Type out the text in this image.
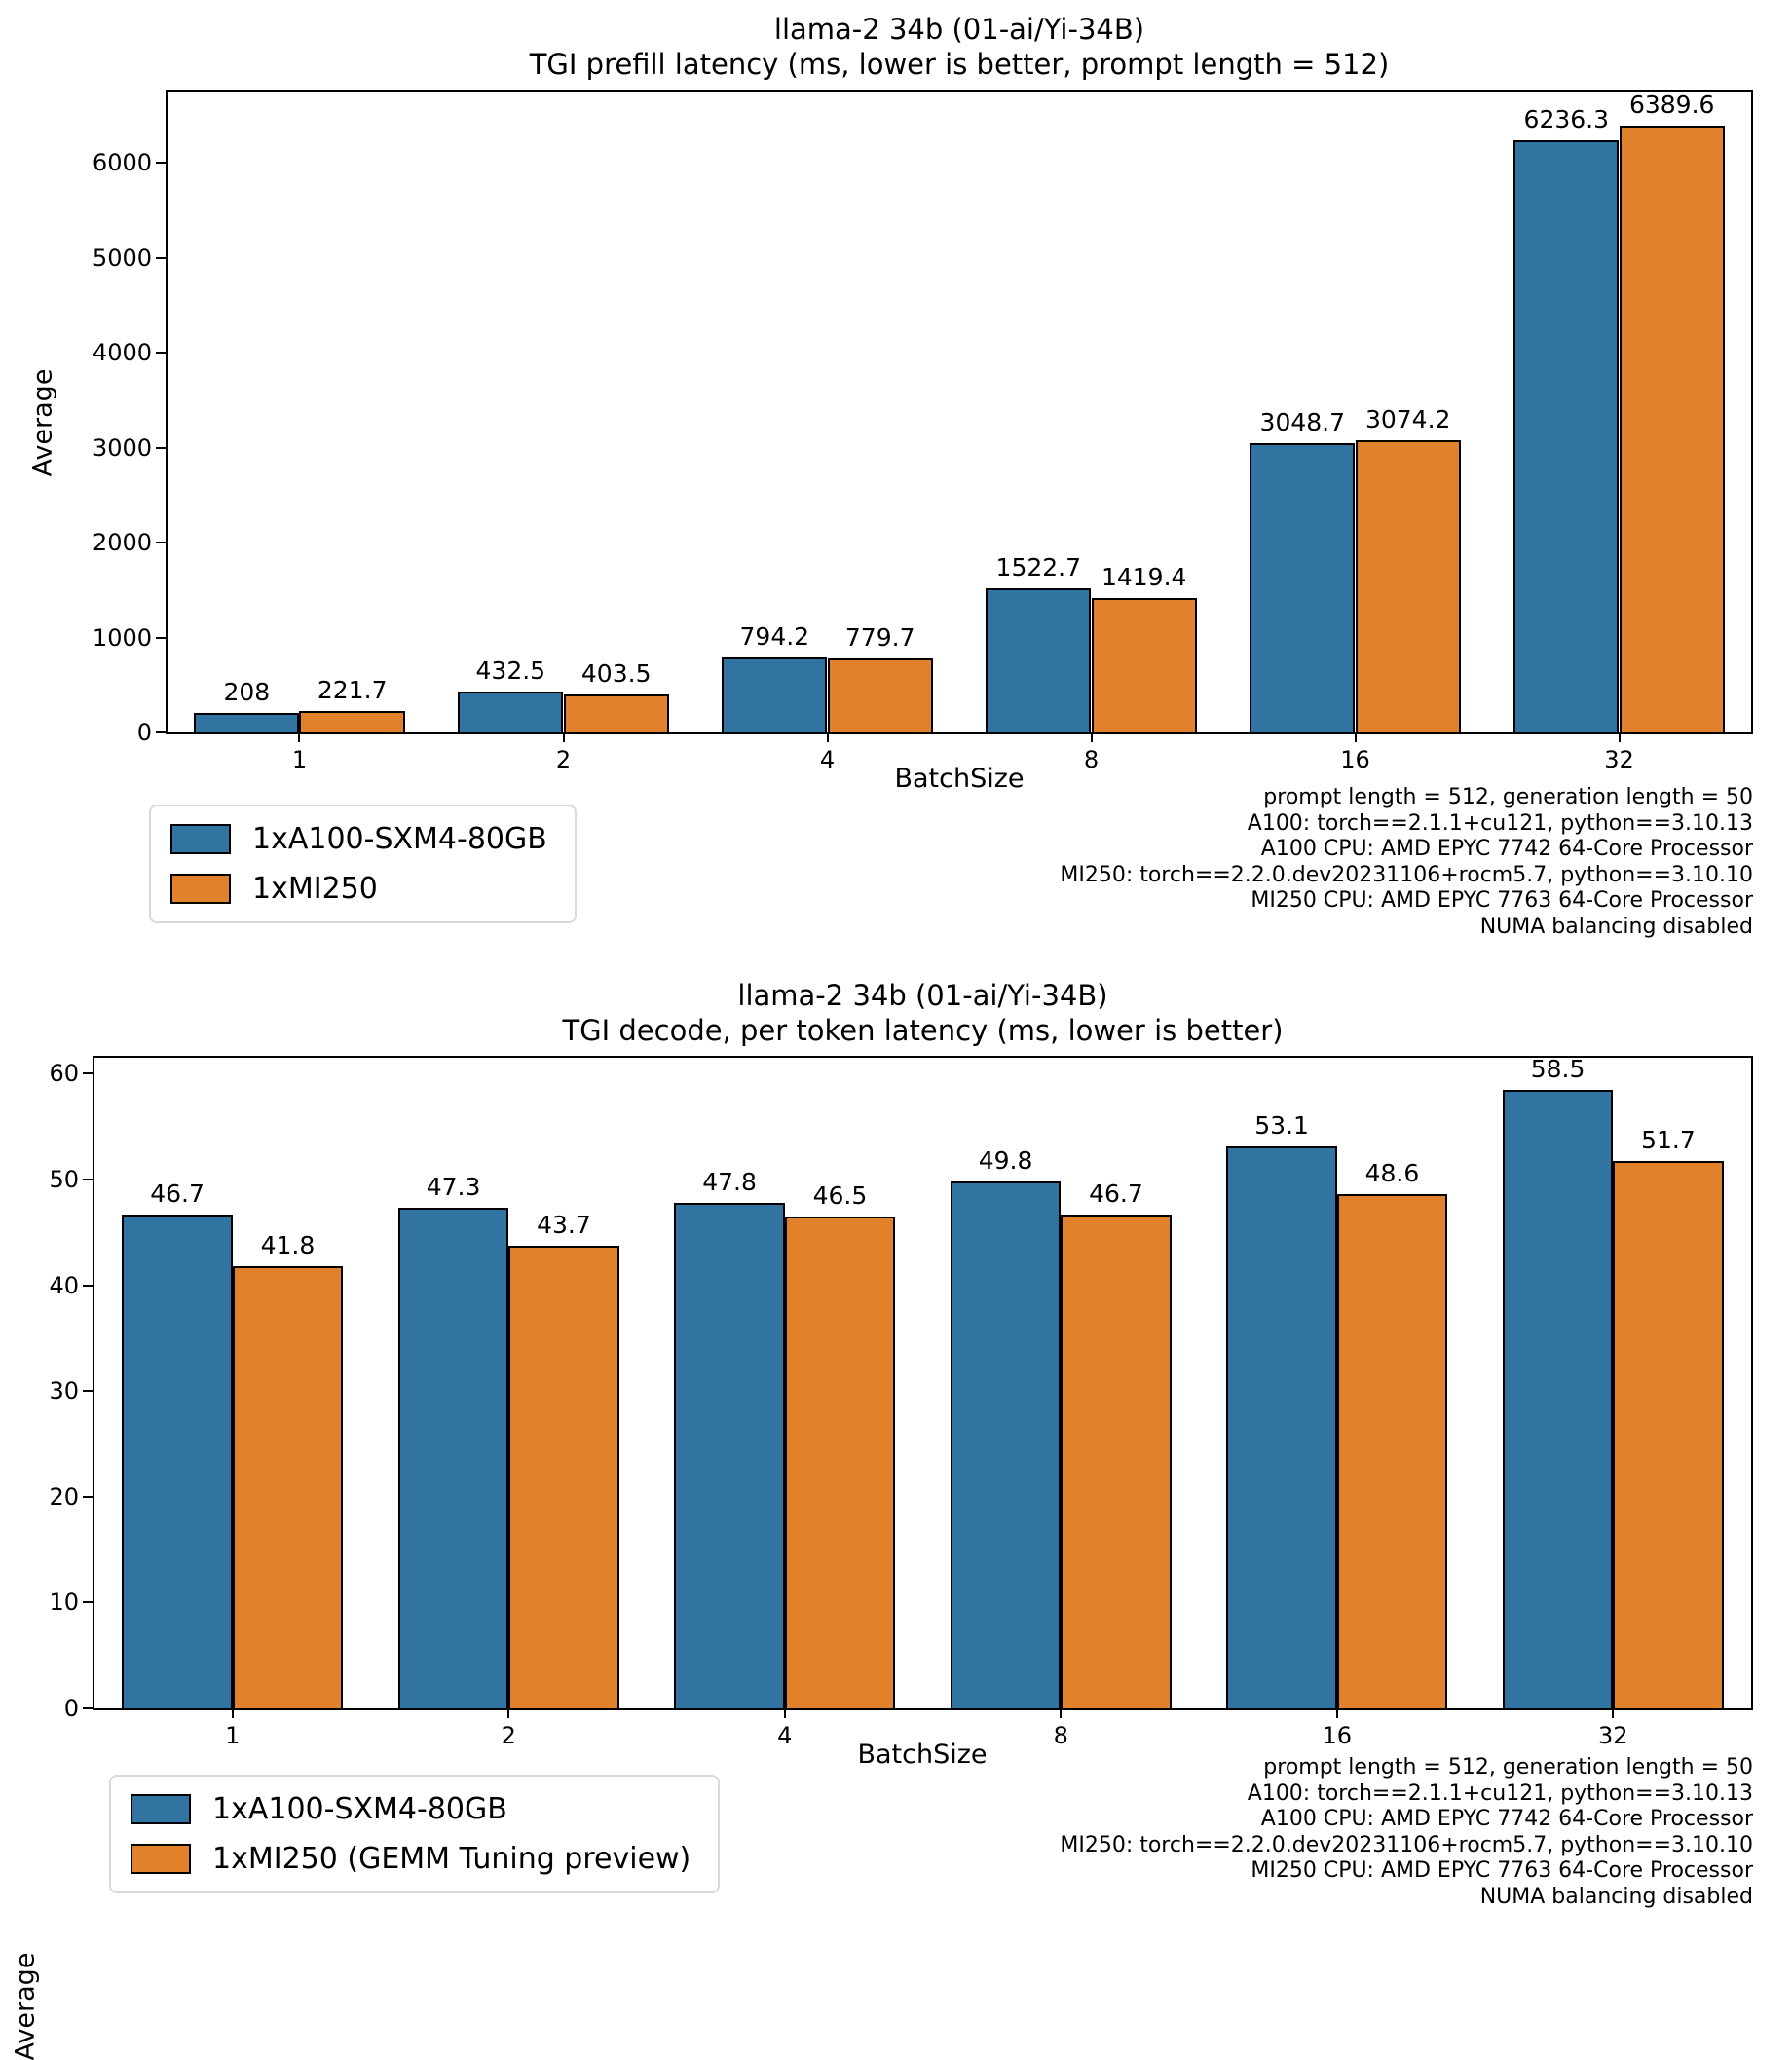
llama-2 34b (01-ai/Yi-34B)
TGI prefill latency (ms, lower is better, prompt length = 512)
Average
0
1000
2000
3000
4000
5000
6000
1	2	4	8	16	32
208
432.5
794.2
1522.7
3048.7
6236.3
221.7
403.5
779.7
1419.4
3074.2
6389.6
BatchSize
1xA100-SXM4-80GB
1xMI250
prompt length = 512, generation length = 50
A100: torch==2.1.1+cu121, python==3.10.13
A100 CPU: AMD EPYC 7742 64-Core Processor
MI250: torch==2.2.0.dev20231106+rocm5.7, python==3.10.10
MI250 CPU: AMD EPYC 7763 64-Core Processor
NUMA balancing disabled
llama-2 34b (01-ai/Yi-34B)
TGI decode, per token latency (ms, lower is better)
Average
0
10
20
30
40
50
60
1	2	4	8	16	32
46.7	47.3	47.8
49.8
53.1
58.5
41.8
43.7
46.5	46.7
48.6
51.7
BatchSize
1xA100-SXM4-80GB
1xMI250 (GEMM Tuning preview)
prompt length = 512, generation length = 50
A100: torch==2.1.1+cu121, python==3.10.13
A100 CPU: AMD EPYC 7742 64-Core Processor
MI250: torch==2.2.0.dev20231106+rocm5.7, python==3.10.10
MI250 CPU: AMD EPYC 7763 64-Core Processor
NUMA balancing disabled
